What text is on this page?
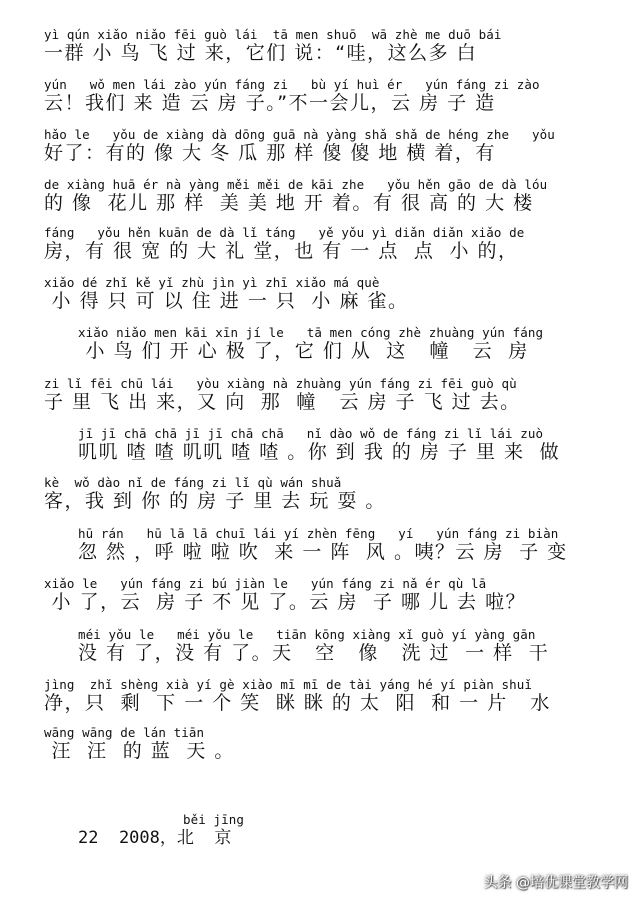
yì qún xiǎo niǎo fēi guò lái  tā men shuō  wā zhè me duō bái
一群 小 鸟 飞 过 来，它们 说：“哇，这么多 白
yún   wǒ men lái zào yún fáng zi   bù yí huì ér   yún fáng zi zào
云！我们 来 造 云 房 子。”不一会儿，云 房 子 造
hǎo le   yǒu de xiàng dà dōng guā nà yàng shǎ shǎ de héng zhe   yǒu
好了：有的 像 大 冬 瓜 那 样 傻 傻 地 横 着，有
de xiàng huā ér nà yàng měi měi de kāi zhe   yǒu hěn gāo de dà lóu
的 像  花儿 那 样  美 美 地 开 着。有 很 高 的 大 楼
fáng   yǒu hěn kuān de dà lǐ táng   yě yǒu yì diǎn diǎn xiǎo de
房，有 很 宽 的 大 礼 堂，也 有 一 点  点  小 的，
xiǎo dé zhǐ kě yǐ zhù jìn yì zhī xiǎo má què
小 得 只 可 以 住 进 一 只  小 麻 雀。
xiǎo niǎo men kāi xīn jí le   tā men cóng zhè zhuàng yún fáng
小 鸟 们 开 心 极 了，它 们 从  这   幢   云  房
zi lǐ fēi chū lái   yòu xiàng nà zhuàng yún fáng zi fēi guò qù
子 里 飞 出 来，又 向  那  幢   云 房 子 飞 过 去。
jī jī chā chā jī jī chā chā   nǐ dào wǒ de fáng zi lǐ lái zuò
叽叽 喳 喳 叽叽 喳 喳 。你 到 我 的 房 子 里 来  做
kè  wǒ dào nǐ de fáng zi lǐ qù wán shuǎ
客，我 到 你 的 房 子 里 去 玩 耍 。
hū rán   hū lā lā chuī lái yí zhèn fēng   yí   yún fáng zi biàn
忽 然 ，呼 啦 啦 吹  来 一 阵  风 。咦？云 房  子 变
xiǎo le   yún fáng zi bú jiàn le   yún fáng zi nǎ ér qù lā
小 了，云  房 子 不 见 了。云 房  子 哪 儿 去 啦？
méi yǒu le   méi yǒu le   tiān kōng xiàng xǐ guò yí yàng gān
没 有 了，没 有 了。天   空   像   洗 过  一 样  干
jìng  zhǐ shèng xià yí gè xiào mī mī de tài yáng hé yí piàn shuǐ
净，只  剩  下 一 个 笑  眯 眯 的 太  阳  和 一 片   水
wāng wāng de lán tiān
汪  汪  的 蓝  天 。
běi jīng
22  2008，北  京
头条 @培优课堂教学网
